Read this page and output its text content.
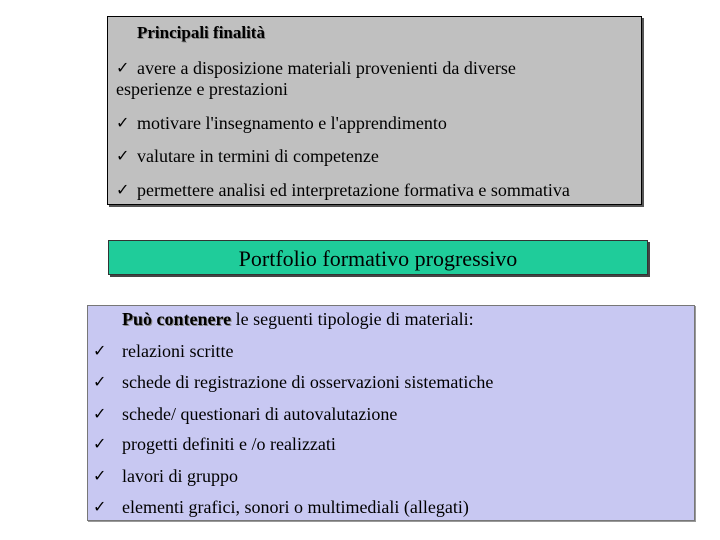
Principali finalità
✓ avere a disposizione materiali provenienti da diverse
esperienze e prestazioni
✓ motivare l'insegnamento e l'apprendimento
✓ valutare in termini di competenze
✓ permettere analisi ed interpretazione formativa e sommativa
Portfolio formativo progressivo
Può contenere le seguenti tipologie di materiali:
✓ relazioni scritte
✓ schede di registrazione di osservazioni sistematiche
✓ schede/ questionari di autovalutazione
✓ progetti definiti e /o realizzati
✓ lavori di gruppo
✓ elementi grafici, sonori o multimediali (allegati)
